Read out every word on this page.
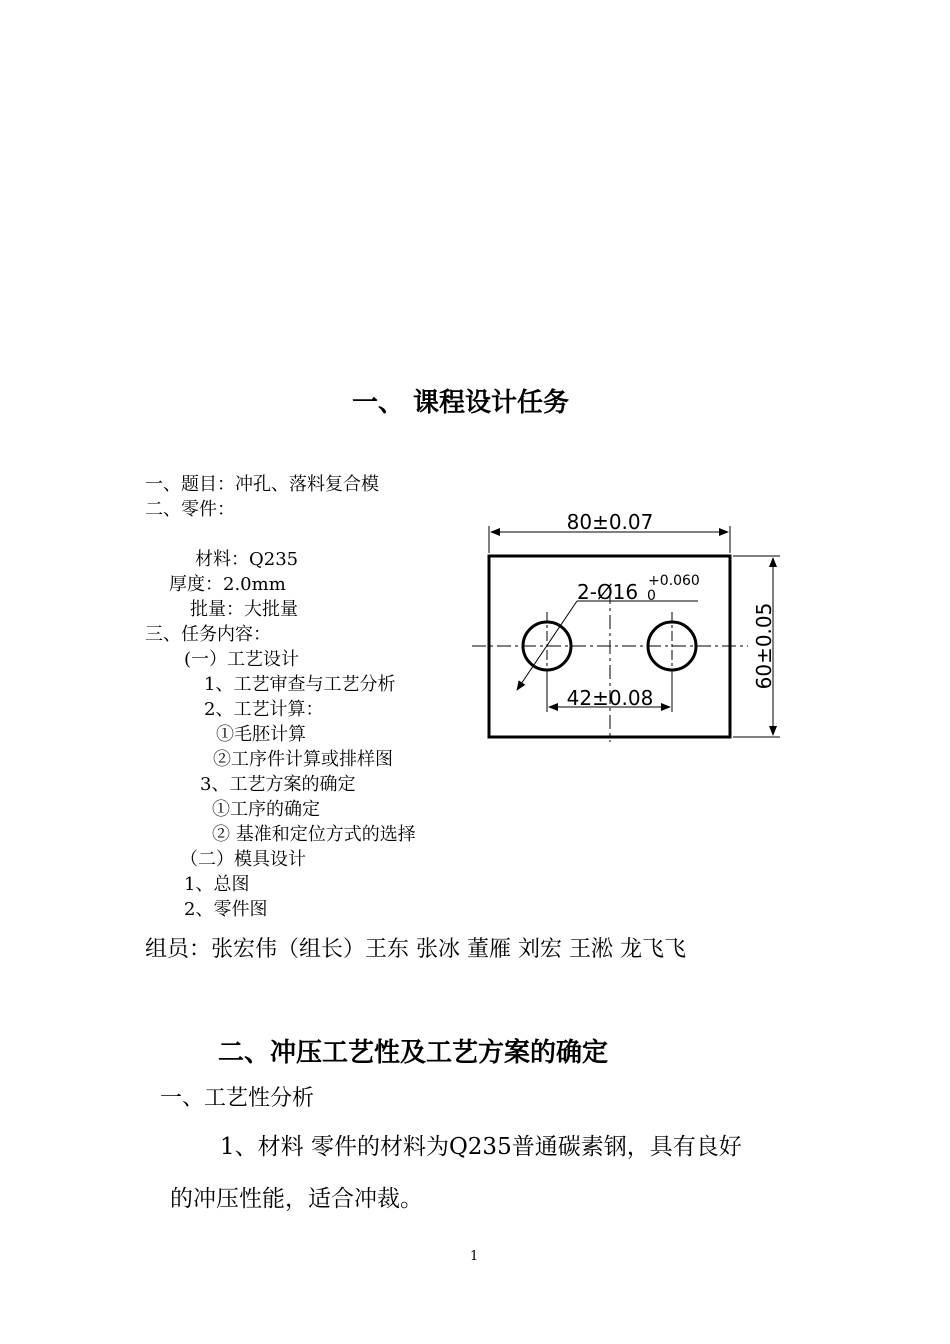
一、 课程设计任务
一、题目：冲孔、落料复合模
二、零件：
材料：Q235
厚度：2.0mm
批量：大批量
三、任务内容：
(一）工艺设计
1、工艺审查与工艺分析
2、工艺计算：
①毛胚计算
②工序件计算或排样图
3、工艺方案的确定
①工序的确定
② 基准和定位方式的选择
（二）模具设计
1、总图
2、零件图
组员：张宏伟（组长）王东 张冰 董雁 刘宏 王淞 龙飞飞
80±0.07
60±0.05
42±0.08
2-Ø16 +0.060
0
二、冲压工艺性及工艺方案的确定
一、工艺性分析
1、材料 零件的材料为Q235普通碳素钢，具有良好
的冲压性能，适合冲裁。
1
